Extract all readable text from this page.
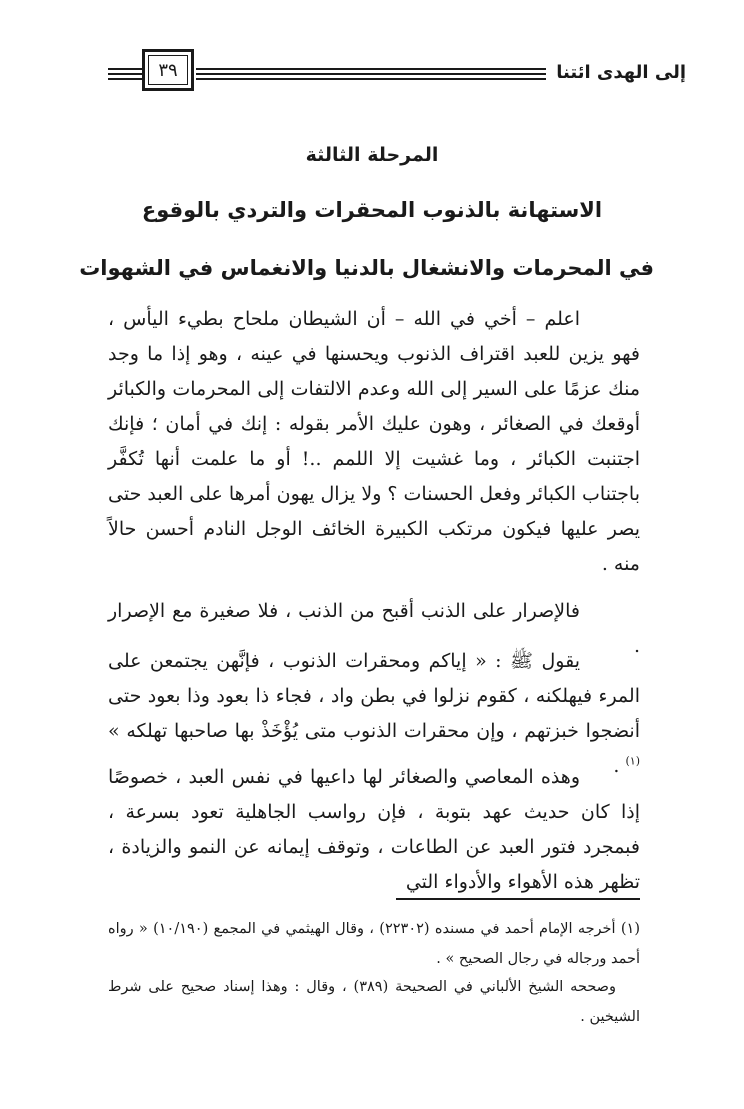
إلى الهدى ائتنا
٣٩
المرحلة الثالثة
الاستهانة بالذنوب المحقرات والتردي بالوقوع
في المحرمات والانشغال بالدنيا والانغماس في الشهوات
اعلم – أخي في الله – أن الشيطان ملحاح بطيء اليأس ، فهو يزين للعبد اقتراف الذنوب ويحسنها في عينه ، وهو إذا ما وجد منك عزمًا على السير إلى الله وعدم الالتفات إلى المحرمات والكبائر أوقعك في الصغائر ، وهون عليك الأمر بقوله : إنك في أمان ؛ فإنك اجتنبت الكبائر ، وما غشيت إلا اللمم ..! أو ما علمت أنها تُكفَّر باجتناب الكبائر وفعل الحسنات ؟ ولا يزال يهون أمرها على العبد حتى يصر عليها فيكون مرتكب الكبيرة الخائف الوجل النادم أحسن حالاً منه .
فالإصرار على الذنب أقبح من الذنب ، فلا صغيرة مع الإصرار .
يقول ﷺ : « إياكم ومحقرات الذنوب ، فإنَّهن يجتمعن على المرء فيهلكنه ، كقوم نزلوا في بطن واد ، فجاء ذا بعود وذا بعود حتى أنضجوا خبزتهم ، وإن محقرات الذنوب متى يُؤْخَذْ بها صاحبها تهلكه » $^{(١)}$ .
وهذه المعاصي والصغائر لها داعيها في نفس العبد ، خصوصًا إذا كان حديث عهد بتوبة ، فإن رواسب الجاهلية تعود بسرعة ، فبمجرد فتور العبد عن الطاعات ، وتوقف إيمانه عن النمو والزيادة ، تظهر هذه الأهواء والأدواء التي
(١) أخرجه الإمام أحمد في مسنده (٢٢٣٠٢) ، وقال الهيثمي في المجمع (١٠/١٩٠) « رواه أحمد ورجاله في رجال الصحيح » .
وصححه الشيخ الألباني في الصحيحة (٣٨٩) ، وقال : وهذا إسناد صحيح على شرط الشيخين .
